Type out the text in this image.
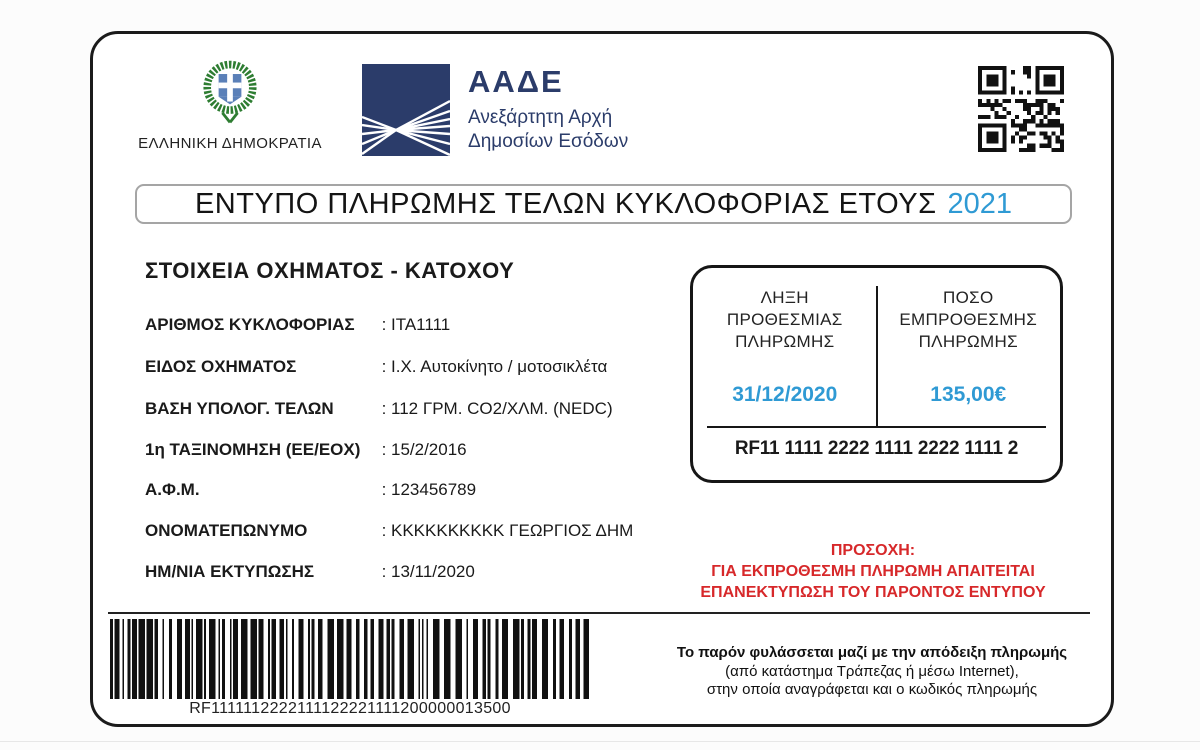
ΕΛΛΗΝΙΚΗ ΔΗΜΟΚΡΑΤΙΑ
ΑΑΔΕ
Ανεξάρτητη Αρχή
Δημοσίων Εσόδων
ΕΝΤΥΠΟ ΠΛΗΡΩΜΗΣ ΤΕΛΩΝ ΚΥΚΛΟΦΟΡΙΑΣ ΕΤΟΥΣ 2021
ΣΤΟΙΧΕΙΑ ΟΧΗΜΑΤΟΣ - ΚΑΤΟΧΟΥ
ΑΡΙΘΜΟΣ ΚΥΚΛΟΦΟΡΙΑΣ	: ΙΤΑ1111
ΕΙΔΟΣ ΟΧΗΜΑΤΟΣ	: Ι.Χ. Αυτοκίνητο / μοτοσικλέτα
ΒΑΣΗ ΥΠΟΛΟΓ. ΤΕΛΩΝ	: 112 ΓΡΜ. CO2/ΧΛΜ. (NEDC)
1η ΤΑΞΙΝΟΜΗΣΗ (ΕΕ/ΕΟΧ)	: 15/2/2016
Α.Φ.Μ.	: 123456789
ΟΝΟΜΑΤΕΠΩΝΥΜΟ	: ΚΚΚΚΚΚΚΚΚΚ ΓΕΩΡΓΙΟΣ ΔΗΜ
ΗΜ/ΝΙΑ ΕΚΤΥΠΩΣΗΣ	: 13/11/2020
ΛΗΞΗ
ΠΡΟΘΕΣΜΙΑΣ
ΠΛΗΡΩΜΗΣ
ΠΟΣΟ
ΕΜΠΡΟΘΕΣΜΗΣ
ΠΛΗΡΩΜΗΣ
31/12/2020	135,00€
RF11 1111 2222 1111 2222 1111 2
ΠΡΟΣΟΧΗ:
ΓΙΑ ΕΚΠΡΟΘΕΣΜΗ ΠΛΗΡΩΜΗ ΑΠΑΙΤΕΙΤΑΙ
ΕΠΑΝΕΚΤΥΠΩΣΗ ΤΟΥ ΠΑΡΟΝΤΟΣ ΕΝΤΥΠΟΥ
RF1111112222111122221111200000013500
Το παρόν φυλάσσεται μαζί με την απόδειξη πληρωμής
(από κατάστημα Τράπεζας ή μέσω Internet),
στην οποία αναγράφεται και ο κωδικός πληρωμής
